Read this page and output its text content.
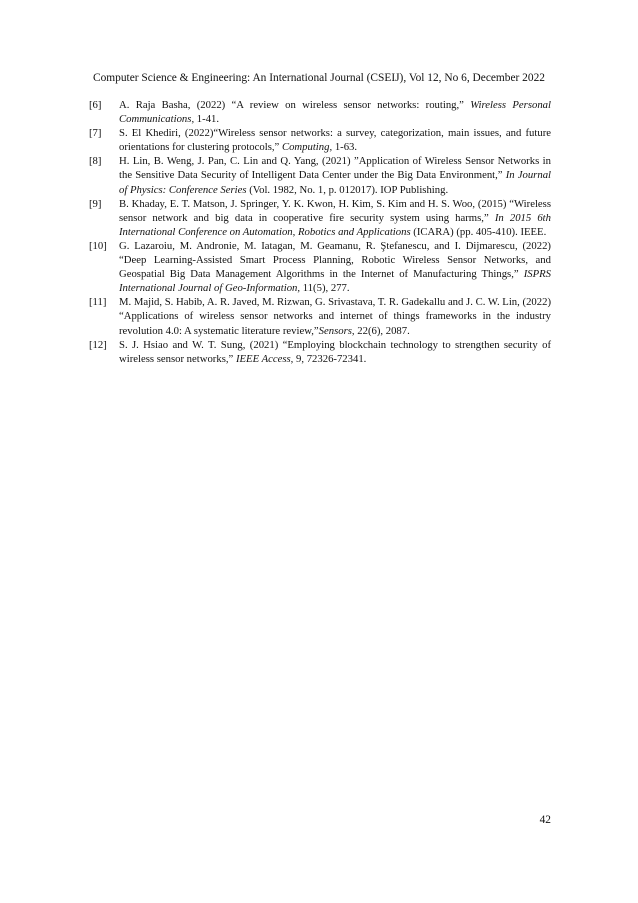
Computer Science & Engineering: An International Journal (CSEIJ), Vol 12, No 6, December 2022
[6] A. Raja Basha, (2022) “A review on wireless sensor networks: routing,” Wireless Personal Communications, 1-41.
[7] S. El Khediri, (2022)“Wireless sensor networks: a survey, categorization, main issues, and future orientations for clustering protocols,” Computing, 1-63.
[8] H. Lin, B. Weng, J. Pan, C. Lin and Q. Yang, (2021) ”Application of Wireless Sensor Networks in the Sensitive Data Security of Intelligent Data Center under the Big Data Environment,” In Journal of Physics: Conference Series (Vol. 1982, No. 1, p. 012017). IOP Publishing.
[9] B. Khaday, E. T. Matson, J. Springer, Y. K. Kwon, H. Kim, S. Kim and H. S. Woo, (2015) “Wireless sensor network and big data in cooperative fire security system using harms,” In 2015 6th International Conference on Automation, Robotics and Applications (ICARA) (pp. 405-410). IEEE.
[10] G. Lazaroiu, M. Andronie, M. Iatagan, M. Geamanu, R. Ştefanescu, and I. Dijmarescu, (2022) “Deep Learning-Assisted Smart Process Planning, Robotic Wireless Sensor Networks, and Geospatial Big Data Management Algorithms in the Internet of Manufacturing Things,” ISPRS International Journal of Geo-Information, 11(5), 277.
[11] M. Majid, S. Habib, A. R. Javed, M. Rizwan, G. Srivastava, T. R. Gadekallu and J. C. W. Lin, (2022) “Applications of wireless sensor networks and internet of things frameworks in the industry revolution 4.0: A systematic literature review,”Sensors, 22(6), 2087.
[12] S. J. Hsiao and W. T. Sung, (2021) “Employing blockchain technology to strengthen security of wireless sensor networks,” IEEE Access, 9, 72326-72341.
42
